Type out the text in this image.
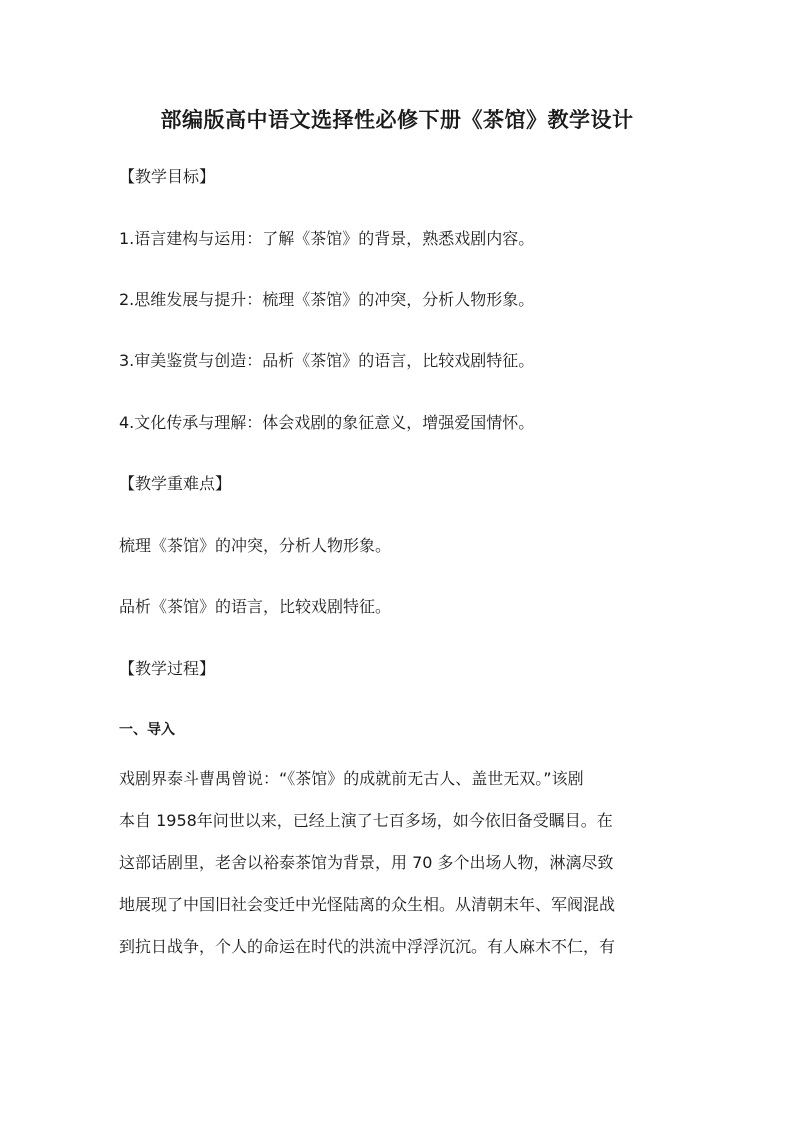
部编版高中语文选择性必修下册《茶馆》教学设计
【教学目标】
1.语言建构与运用：了解《茶馆》的背景，熟悉戏剧内容。
2.思维发展与提升：梳理《茶馆》的冲突，分析人物形象。
3.审美鉴赏与创造：品析《茶馆》的语言，比较戏剧特征。
4.文化传承与理解：体会戏剧的象征意义，增强爱国情怀。
【教学重难点】
梳理《茶馆》的冲突，分析人物形象。
品析《茶馆》的语言，比较戏剧特征。
【教学过程】
一、导入
戏剧界泰斗曹禺曾说：“《茶馆》的成就前无古人、盖世无双。”该剧
本自 1958年问世以来，已经上演了七百多场，如今依旧备受瞩目。在
这部话剧里，老舍以裕泰茶馆为背景，用 70 多个出场人物，淋漓尽致
地展现了中国旧社会变迁中光怪陆离的众生相。从清朝末年、军阀混战
到抗日战争，个人的命运在时代的洪流中浮浮沉沉。有人麻木不仁，有
